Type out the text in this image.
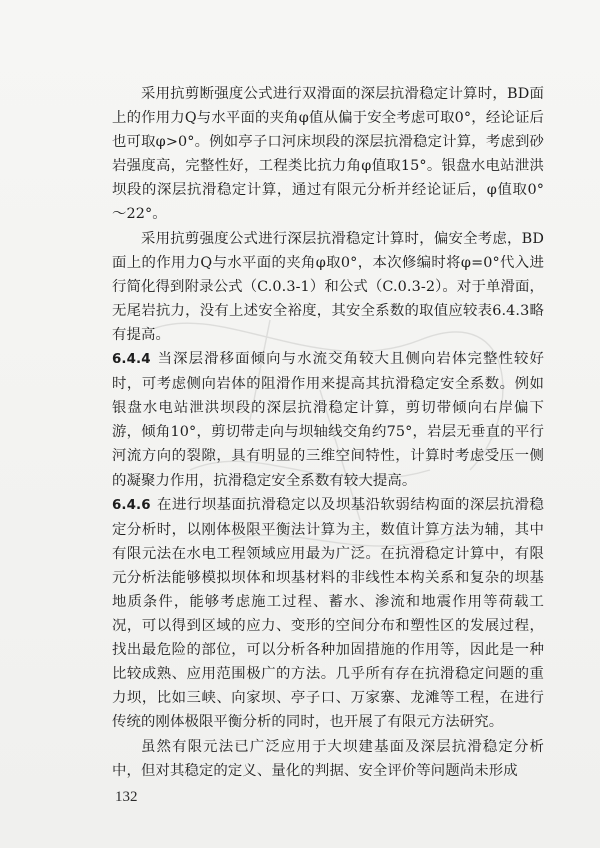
采用抗剪断强度公式进行双滑面的深层抗滑稳定计算时，BD面上的作用力Q与水平面的夹角φ值从偏于安全考虑可取0°，经论证后也可取φ>0°。例如亭子口河床坝段的深层抗滑稳定计算，考虑到砂岩强度高，完整性好，工程类比抗力角φ值取15°。银盘水电站泄洪坝段的深层抗滑稳定计算，通过有限元分析并经论证后，φ值取0°～22°。

采用抗剪强度公式进行深层抗滑稳定计算时，偏安全考虑，BD面上的作用力Q与水平面的夹角φ取0°，本次修编时将φ=0°代入进行简化得到附录公式（C.0.3-1）和公式（C.0.3-2）。对于单滑面，无尾岩抗力，没有上述安全裕度，其安全系数的取值应较表6.4.3略有提高。

6.4.4 当深层滑移面倾向与水流交角较大且侧向岩体完整性较好时，可考虑侧向岩体的阻滑作用来提高其抗滑稳定安全系数。例如银盘水电站泄洪坝段的深层抗滑稳定计算，剪切带倾向右岸偏下游，倾角10°，剪切带走向与坝轴线交角约75°，岩层无垂直的平行河流方向的裂隙，具有明显的三维空间特性，计算时考虑受压一侧的凝聚力作用，抗滑稳定安全系数有较大提高。

6.4.6 在进行坝基面抗滑稳定以及坝基沿软弱结构面的深层抗滑稳定分析时，以刚体极限平衡法计算为主，数值计算方法为辅，其中有限元法在水电工程领域应用最为广泛。在抗滑稳定计算中，有限元分析法能够模拟坝体和坝基材料的非线性本构关系和复杂的坝基地质条件，能够考虑施工过程、蓄水、渗流和地震作用等荷载工况，可以得到区域的应力、变形的空间分布和塑性区的发展过程，找出最危险的部位，可以分析各种加固措施的作用等，因此是一种比较成熟、应用范围极广的方法。几乎所有存在抗滑稳定问题的重力坝，比如三峡、向家坝、亭子口、万家寨、龙滩等工程，在进行传统的刚体极限平衡分析的同时，也开展了有限元方法研究。

虽然有限元法已广泛应用于大坝建基面及深层抗滑稳定分析中，但对其稳定的定义、量化的判据、安全评价等问题尚未形成

132
